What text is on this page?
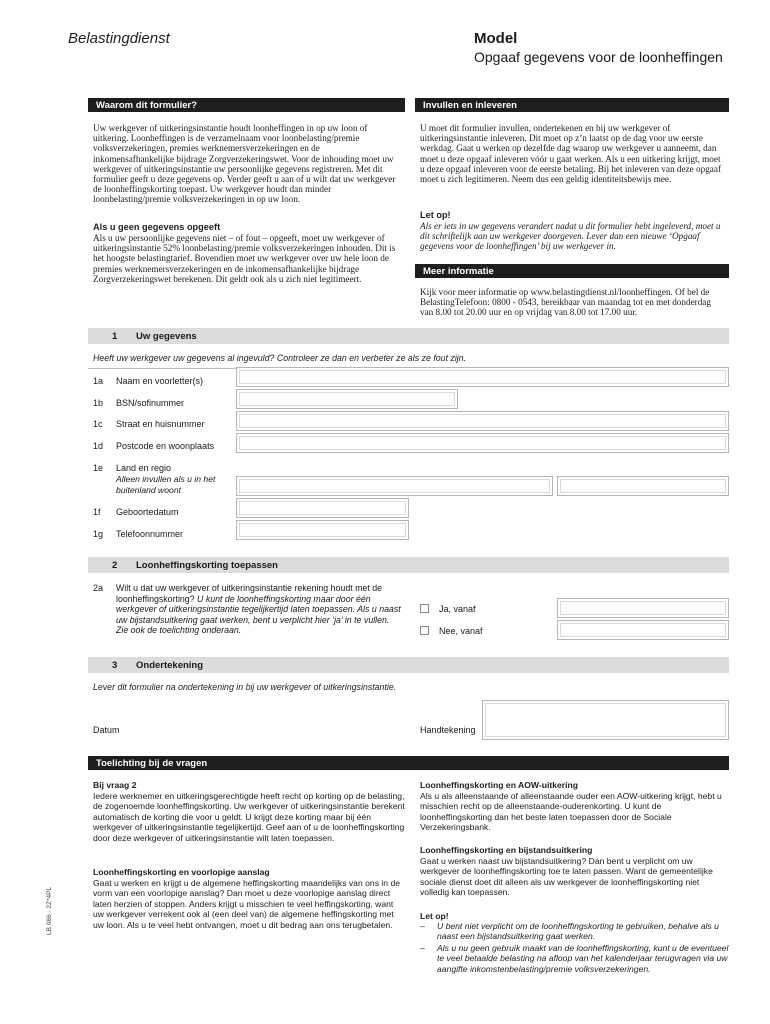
Belastingdienst	Model
Opgaaf gegevens voor de loonheffingen
Waarom dit formulier?
Uw werkgever of uitkeringsinstantie houdt loonheffingen in op uw loon of uitkering. Loonheffingen is de verzamelnaam voor loonbelasting/premie volksverzekeringen, premies werknemersverzekeringen en de inkomensafhankelijke bijdrage Zorgverzekeringswet. Voor de inhouding moet uw werkgever of uitkeringsinstantie uw persoonlijke gegevens registreren. Met dit formulier geeft u deze gegevens op. Verder geeft u aan of u wilt dat uw werkgever de loonheffingskorting toepast. Uw werkgever houdt dan minder loonbelasting/premie volksverzekeringen in op uw loon.
Als u geen gegevens opgeeft
Als u uw persoonlijke gegevens niet – of fout – opgeeft, moet uw werkgever of uitkeringsinstantie 52% loonbelasting/premie volksverzekeringen inhouden. Dit is het hoogste belastingtarief. Bovendien moet uw werkgever over uw hele loon de premies werknemersverzekeringen en de inkomensafhankelijke bijdrage Zorgverzekeringswet berekenen. Dit geldt ook als u zich niet legitimeert.
Invullen en inleveren
U moet dit formulier invullen, ondertekenen en bij uw werkgever of uitkeringsinstantie inleveren. Dit moet op z’n laatst op de dag voor uw eerste werkdag. Gaat u werken op dezelfde dag waarop uw werkgever u aanneemt, dan moet u deze opgaaf inleveren vóór u gaat werken. Als u een uitkering krijgt, moet u deze opgaaf inleveren voor de eerste betaling. Bij het inleveren van deze opgaaf moet u zich legitimeren. Neem dus een geldig identiteitsbewijs mee.
Let op!
Als er iets in uw gegevens verandert nadat u dit formulier hebt ingeleverd, moet u dit schriftelijk aan uw werkgever doorgeven. Lever dan een nieuwe ‘Opgaaf gegevens voor de loonheffingen’ bij uw werkgever in.
Meer informatie
Kijk voor meer informatie op www.belastingdienst.nl/loonheffingen. Of bel de BelastingTelefoon: 0800 - 0543, bereikbaar van maandag tot en met donderdag van 8.00 tot 20.00 uur en op vrijdag van 8.00 tot 17.00 uur.
1 Uw gegevens
Heeft uw werkgever uw gegevens al ingevuld? Controleer ze dan en verbeter ze als ze fout zijn.
1a Naam en voorletter(s)
1b BSN/sofinummer
1c Straat en huisnummer
1d Postcode en woonplaats
1e Land en regio
Alleen invullen als u in het buitenland woont
1f Geboortedatum
1g Telefoonnummer
2 Loonheffingskorting toepassen
2a Wilt u dat uw werkgever of uitkeringsinstantie rekening houdt met de loonheffingskorting? U kunt de loonheffingskorting maar door één werkgever of uitkeringsinstantie tegelijkertijd laten toepassen. Als u naast uw bijstandsuitkering gaat werken, bent u verplicht hier ‘ja’ in te vullen. Zie ook de toelichting onderaan.
Ja, vanaf
Nee, vanaf
3 Ondertekening
Lever dit formulier na ondertekening in bij uw werkgever of uitkeringsinstantie.
Datum	Handtekening
Toelichting bij de vragen
Bij vraag 2
Iedere werknemer en uitkeringsgerechtigde heeft recht op korting op de belasting, de zogenoemde loonheffingskorting. Uw werkgever of uitkeringsinstantie berekent automatisch de korting die voor u geldt. U krijgt deze korting maar bij één werkgever of uitkeringsinstantie tegelijkertijd. Geef aan of u de loonheffingskorting door deze werkgever of uitkeringsinstantie wilt laten toepassen.
Loonheffingskorting en voorlopige aanslag
Gaat u werken en krijgt u de algemene heffingskorting maandelijks van ons in de vorm van een voorlopige aanslag? Dan moet u deze voorlopige aanslag direct laten herzien of stoppen. Anders krijgt u misschien te veel heffingskorting, want uw werkgever verrekent ook al (een deel van) de algemene heffingskorting met uw loon. Als u te veel hebt ontvangen, moet u dit bedrag aan ons terugbetalen.
Loonheffingskorting en AOW-uitkering
Als u als alleenstaande of alleenstaande ouder een AOW-uitkering krijgt, hebt u misschien recht op de alleenstaande-ouderenkorting. U kunt de loonheffingskorting dan het beste laten toepassen door de Sociale Verzekeringsbank.
Loonheffingskorting en bijstandsuitkering
Gaat u werken naast uw bijstandsuitkering? Dan bent u verplicht om uw werkgever de loonheffingskorting toe te laten passen. Want de gemeentelijke sociale dienst doet dit alleen als uw werkgever de loonheffingskorting niet volledig kan toepassen.
Let op!
– U bent niet verplicht om de loonheffingskorting te gebruiken, behalve als u naast een bijstandsuitkering gaat werken.
– Als u nu geen gebruik maakt van de loonheffingskorting, kunt u de eventueel te veel betaalde belasting na afloop van het kalenderjaar terugvragen via uw aangifte inkomstenbelasting/premie volksverzekeringen.
LB 086 - 2Z*4PL
